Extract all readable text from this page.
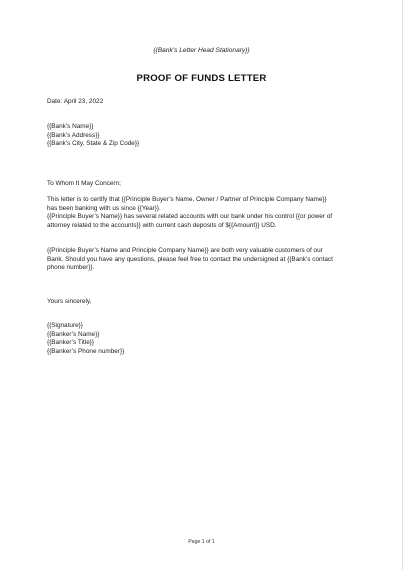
{{Bank’s Letter Head Stationary}}
PROOF OF FUNDS LETTER
Date: April 23, 2022
{{Bank’s Name}}
{{Bank’s Address}}
{{Bank’s City, State & Zip Code}}
To Whom It May Concern;
This letter is to certify that {{Principle Buyer’s Name, Owner / Partner of Principle Company Name}}
has been banking with us since {{Year}}.
{{Principle Buyer’s Name}} has several related accounts with our bank under his control {{or power of
attorney related to the accounts}} with current cash deposits of ${{Amount}} USD.
{{Principle Buyer’s Name and Principle Company Name}} are both very valuable customers of our
Bank. Should you have any questions, please feel free to contact the undersigned at {{Bank’s contact
phone number}}.
Yours sincerely,
{{Signature}}
{{Banker’s Name}}
{{Banker’s Title}}
{{Banker’s Phone number}}
Page 1 of 1
